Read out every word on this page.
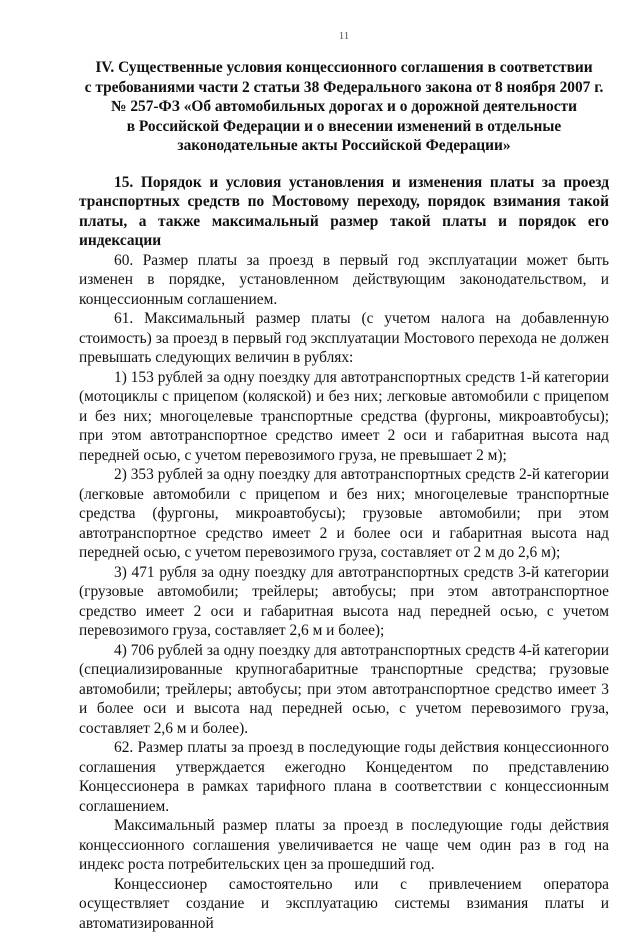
11
IV. Существенные условия концессионного соглашения в соответствии
с требованиями части 2 статьи 38 Федерального закона от 8 ноября 2007 г.
№ 257-ФЗ «Об автомобильных дорогах и о дорожной деятельности
в Российской Федерации и о внесении изменений в отдельные
законодательные акты Российской Федерации»

15. Порядок и условия установления и изменения платы за проезд транспортных средств по Мостовому переходу, порядок взимания такой платы, а также максимальный размер такой платы и порядок его индексации

60. Размер платы за проезд в первый год эксплуатации может быть изменен в порядке, установленном действующим законодательством, и концессионным соглашением.

61. Максимальный размер платы (с учетом налога на добавленную стоимость) за проезд в первый год эксплуатации Мостового перехода не должен превышать следующих величин в рублях:

1) 153 рублей за одну поездку для автотранспортных средств 1-й категории (мотоциклы с прицепом (коляской) и без них; легковые автомобили с прицепом и без них; многоцелевые транспортные средства (фургоны, микроавтобусы); при этом автотранспортное средство имеет 2 оси и габаритная высота над передней осью, с учетом перевозимого груза, не превышает 2 м);

2) 353 рублей за одну поездку для автотранспортных средств 2-й категории (легковые автомобили с прицепом и без них; многоцелевые транспортные средства (фургоны, микроавтобусы); грузовые автомобили; при этом автотранспортное средство имеет 2 и более оси и габаритная высота над передней осью, с учетом перевозимого груза, составляет от 2 м до 2,6 м);

3) 471 рубля за одну поездку для автотранспортных средств 3-й категории (грузовые автомобили; трейлеры; автобусы; при этом автотранспортное средство имеет 2 оси и габаритная высота над передней осью, с учетом перевозимого груза, составляет 2,6 м и более);

4) 706 рублей за одну поездку для автотранспортных средств 4-й категории (специализированные крупногабаритные транспортные средства; грузовые автомобили; трейлеры; автобусы; при этом автотранспортное средство имеет 3 и более оси и высота над передней осью, с учетом перевозимого груза, составляет 2,6 м и более).

62. Размер платы за проезд в последующие годы действия концессионного соглашения утверждается ежегодно Концедентом по представлению Концессионера в рамках тарифного плана в соответствии с концессионным соглашением.

Максимальный размер платы за проезд в последующие годы действия концессионного соглашения увеличивается не чаще чем один раз в год на индекс роста потребительских цен за прошедший год.

Концессионер самостоятельно или с привлечением оператора осуществляет создание и эксплуатацию системы взимания платы и автоматизированной
